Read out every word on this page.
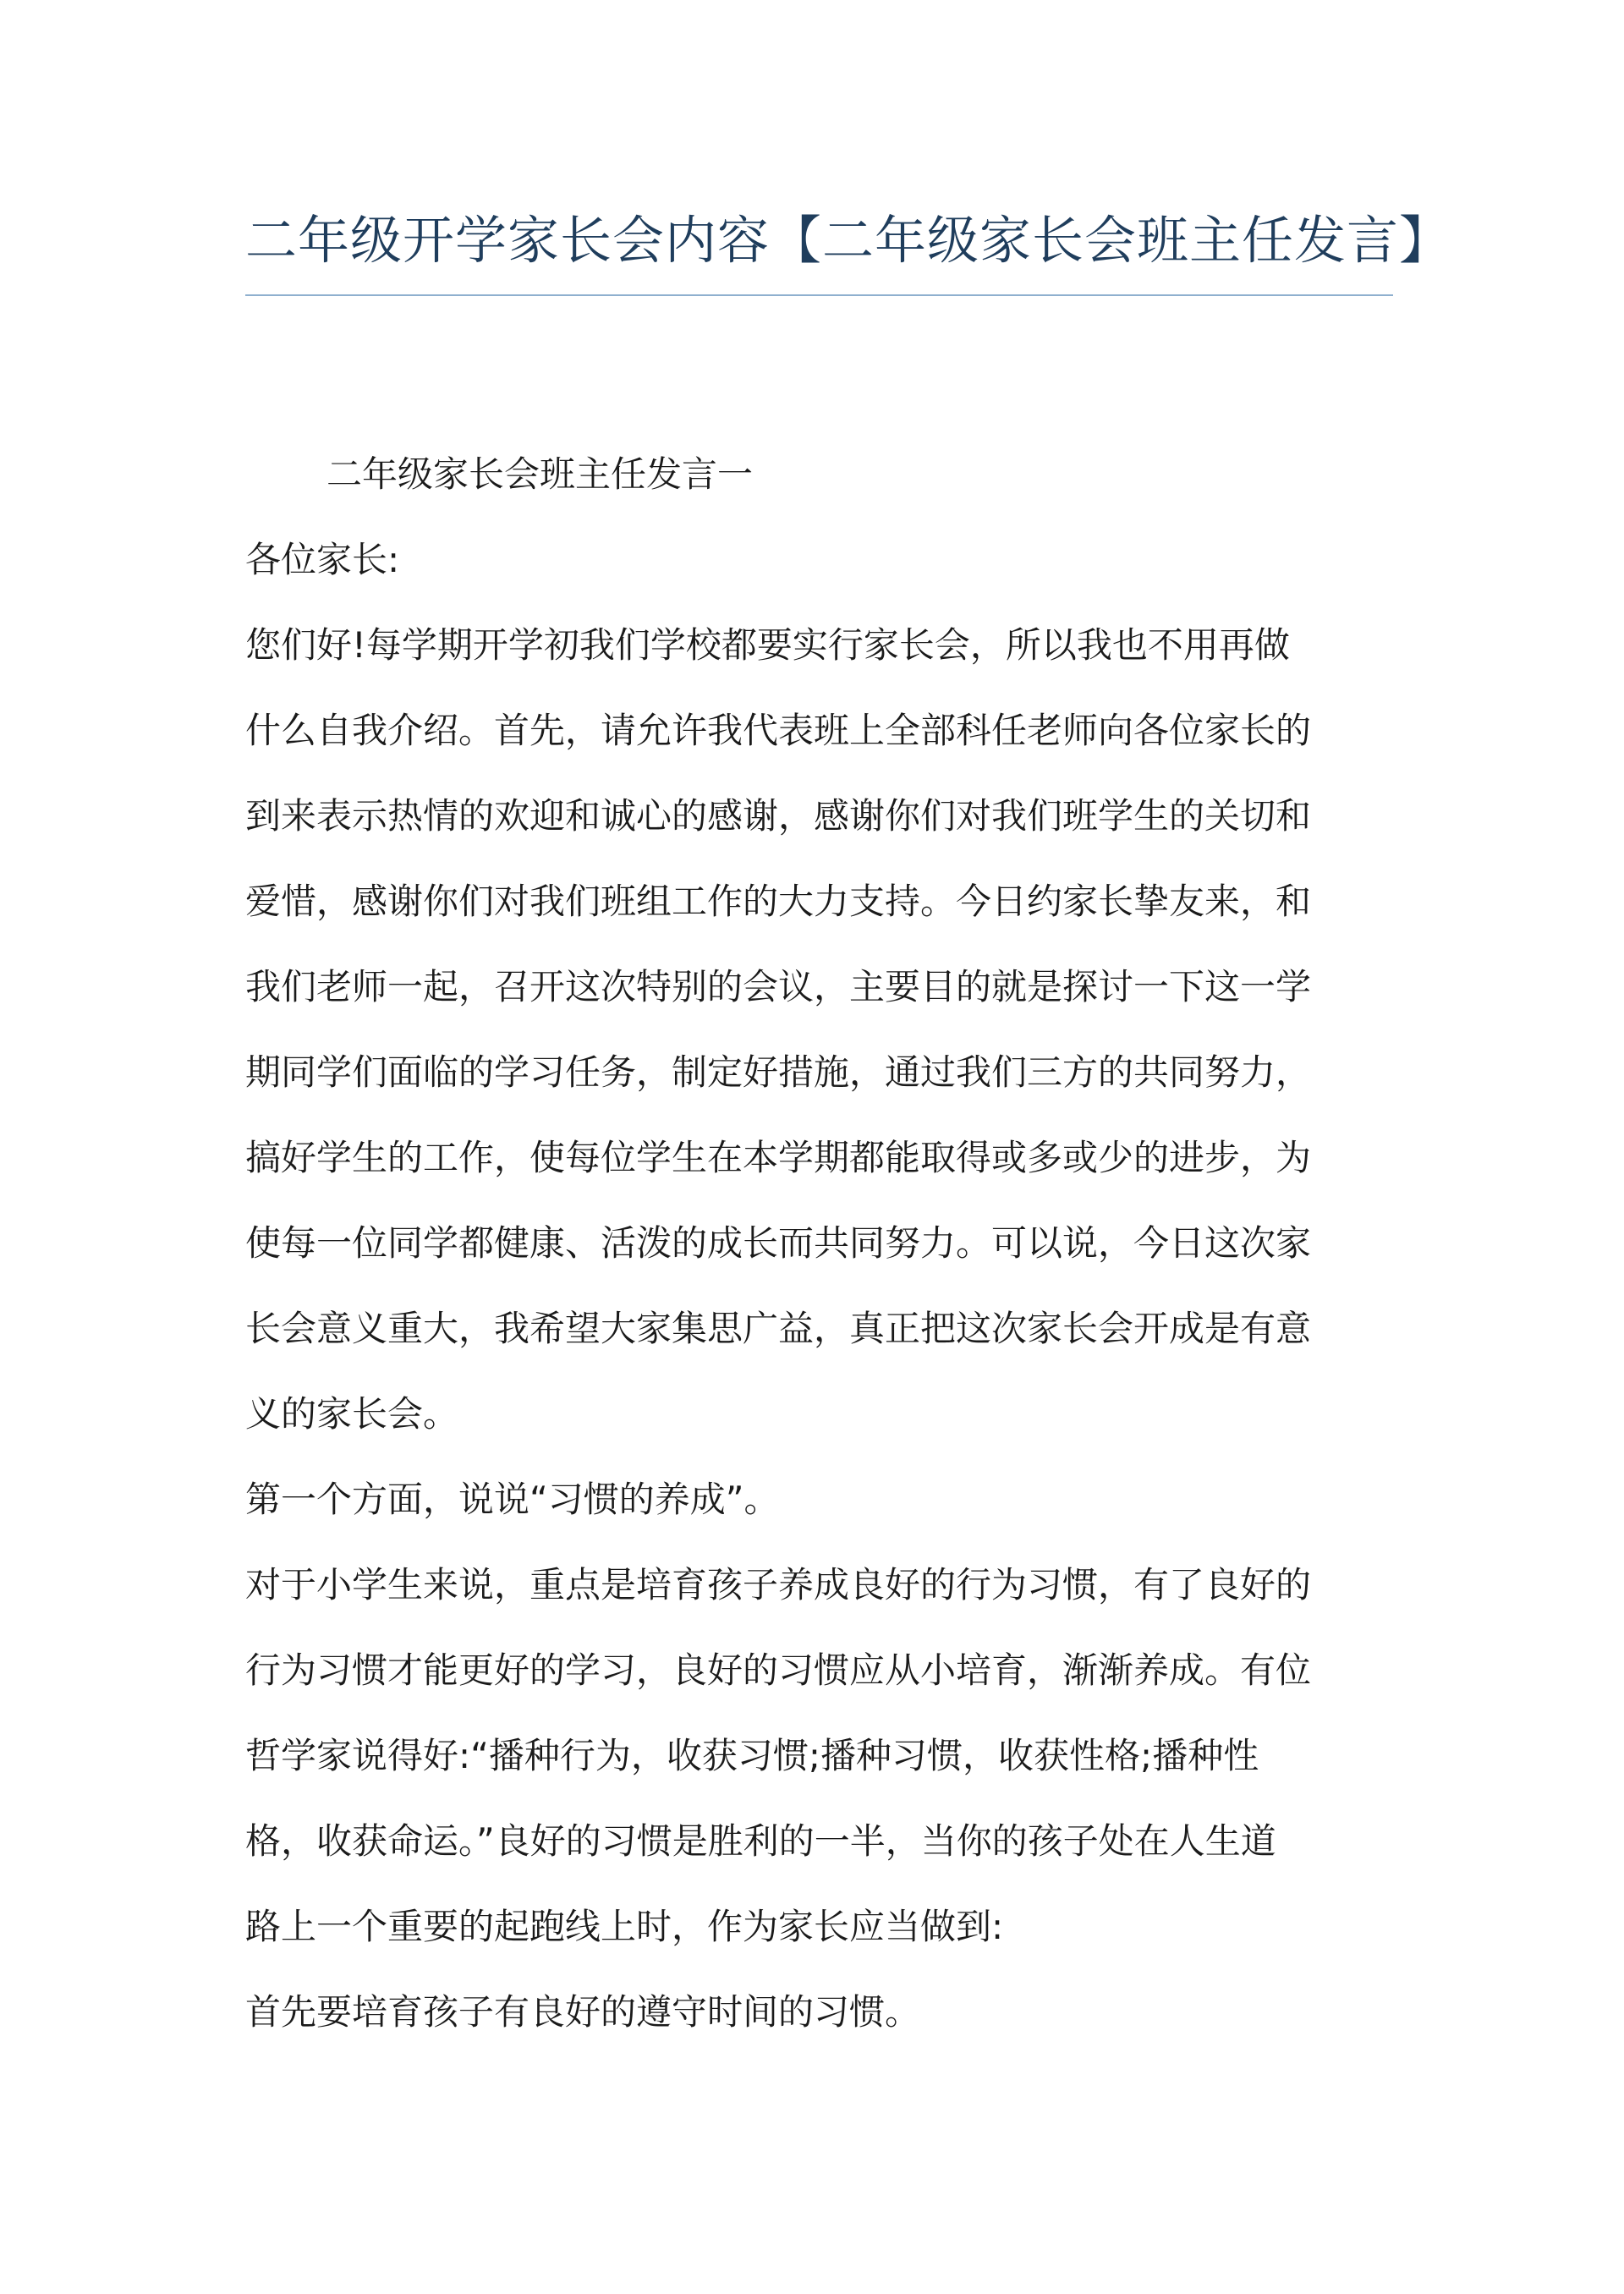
二年级开学家长会内容【二年级家长会班主任发言】

二年级家长会班主任发言一

各位家长:

您们好!每学期开学初我们学校都要实行家长会，所以我也不用再做

什么自我介绍。首先，请允许我代表班上全部科任老师向各位家长的

到来表示热情的欢迎和诚心的感谢，感谢你们对我们班学生的关切和

爱惜，感谢你们对我们班组工作的大力支持。今日约家长挚友来，和

我们老师一起，召开这次特别的会议，主要目的就是探讨一下这一学

期同学们面临的学习任务，制定好措施，通过我们三方的共同努力，

搞好学生的工作，使每位学生在本学期都能取得或多或少的进步，为

使每一位同学都健康、活泼的成长而共同努力。可以说，今日这次家

长会意义重大，我希望大家集思广益，真正把这次家长会开成是有意

义的家长会。

第一个方面，说说“习惯的养成”。

对于小学生来说，重点是培育孩子养成良好的行为习惯，有了良好的

行为习惯才能更好的学习，良好的习惯应从小培育，渐渐养成。有位

哲学家说得好:“播种行为，收获习惯;播种习惯，收获性格;播种性

格，收获命运。”良好的习惯是胜利的一半，当你的孩子处在人生道

路上一个重要的起跑线上时，作为家长应当做到:

首先要培育孩子有良好的遵守时间的习惯。
